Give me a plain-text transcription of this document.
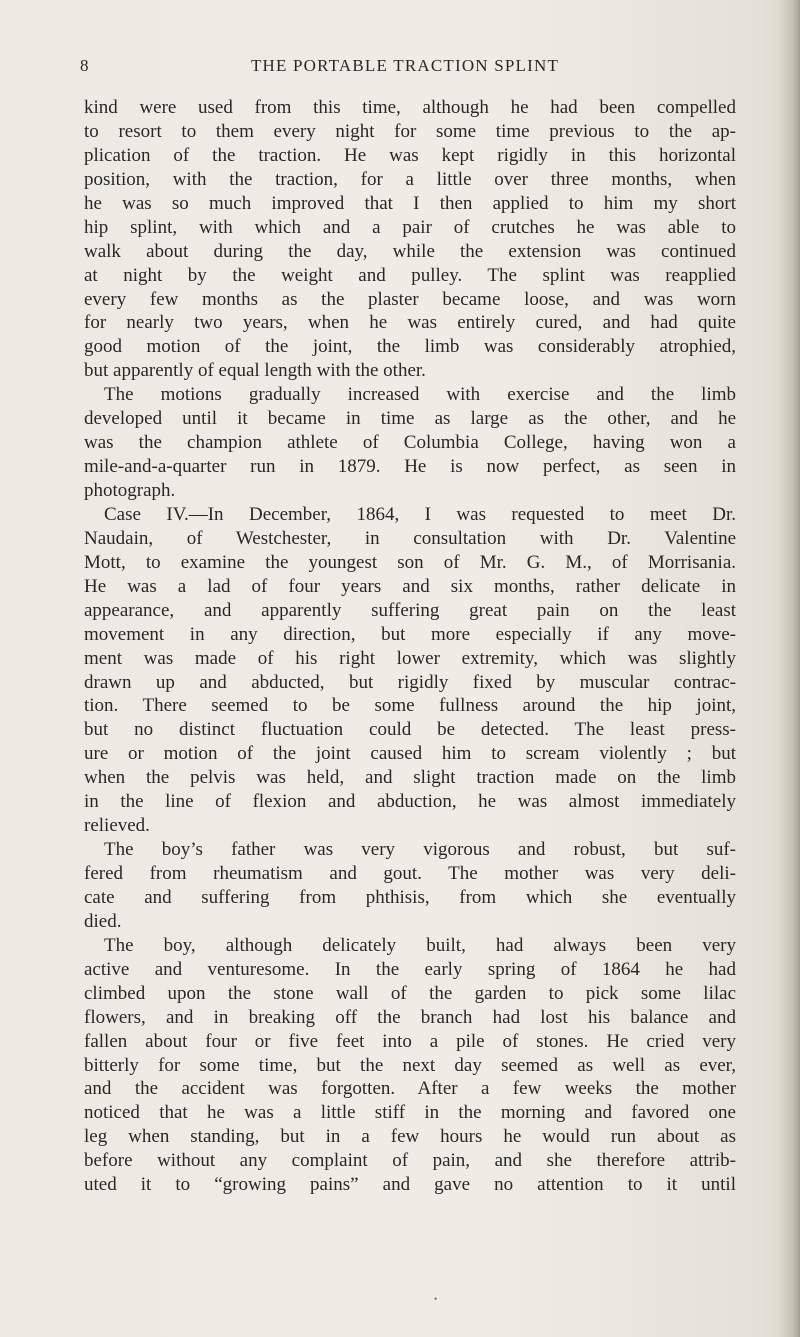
8	THE PORTABLE TRACTION SPLINT
kind were used from this time, although he had been compelled
to resort to them every night for some time previous to the ap-
plication of the traction. He was kept rigidly in this horizontal
position, with the traction, for a little over three months, when
he was so much improved that I then applied to him my short
hip splint, with which and a pair of crutches he was able to
walk about during the day, while the extension was continued
at night by the weight and pulley. The splint was reapplied
every few months as the plaster became loose, and was worn
for nearly two years, when he was entirely cured, and had quite
good motion of the joint, the limb was considerably atrophied,
but apparently of equal length with the other.
The motions gradually increased with exercise and the limb
developed until it became in time as large as the other, and he
was the champion athlete of Columbia College, having won a
mile-and-a-quarter run in 1879. He is now perfect, as seen in
photograph.
Case IV.—In December, 1864, I was requested to meet Dr.
Naudain, of Westchester, in consultation with Dr. Valentine
Mott, to examine the youngest son of Mr. G. M., of Morrisania.
He was a lad of four years and six months, rather delicate in
appearance, and apparently suffering great pain on the least
movement in any direction, but more especially if any move-
ment was made of his right lower extremity, which was slightly
drawn up and abducted, but rigidly fixed by muscular contrac-
tion. There seemed to be some fullness around the hip joint,
but no distinct fluctuation could be detected. The least press-
ure or motion of the joint caused him to scream violently ; but
when the pelvis was held, and slight traction made on the limb
in the line of flexion and abduction, he was almost immediately
relieved.
The boy’s father was very vigorous and robust, but suf-
fered from rheumatism and gout. The mother was very deli-
cate and suffering from phthisis, from which she eventually
died.
The boy, although delicately built, had always been very
active and venturesome. In the early spring of 1864 he had
climbed upon the stone wall of the garden to pick some lilac
flowers, and in breaking off the branch had lost his balance and
fallen about four or five feet into a pile of stones. He cried very
bitterly for some time, but the next day seemed as well as ever,
and the accident was forgotten. After a few weeks the mother
noticed that he was a little stiff in the morning and favored one
leg when standing, but in a few hours he would run about as
before without any complaint of pain, and she therefore attrib-
uted it to “growing pains” and gave no attention to it until
•
